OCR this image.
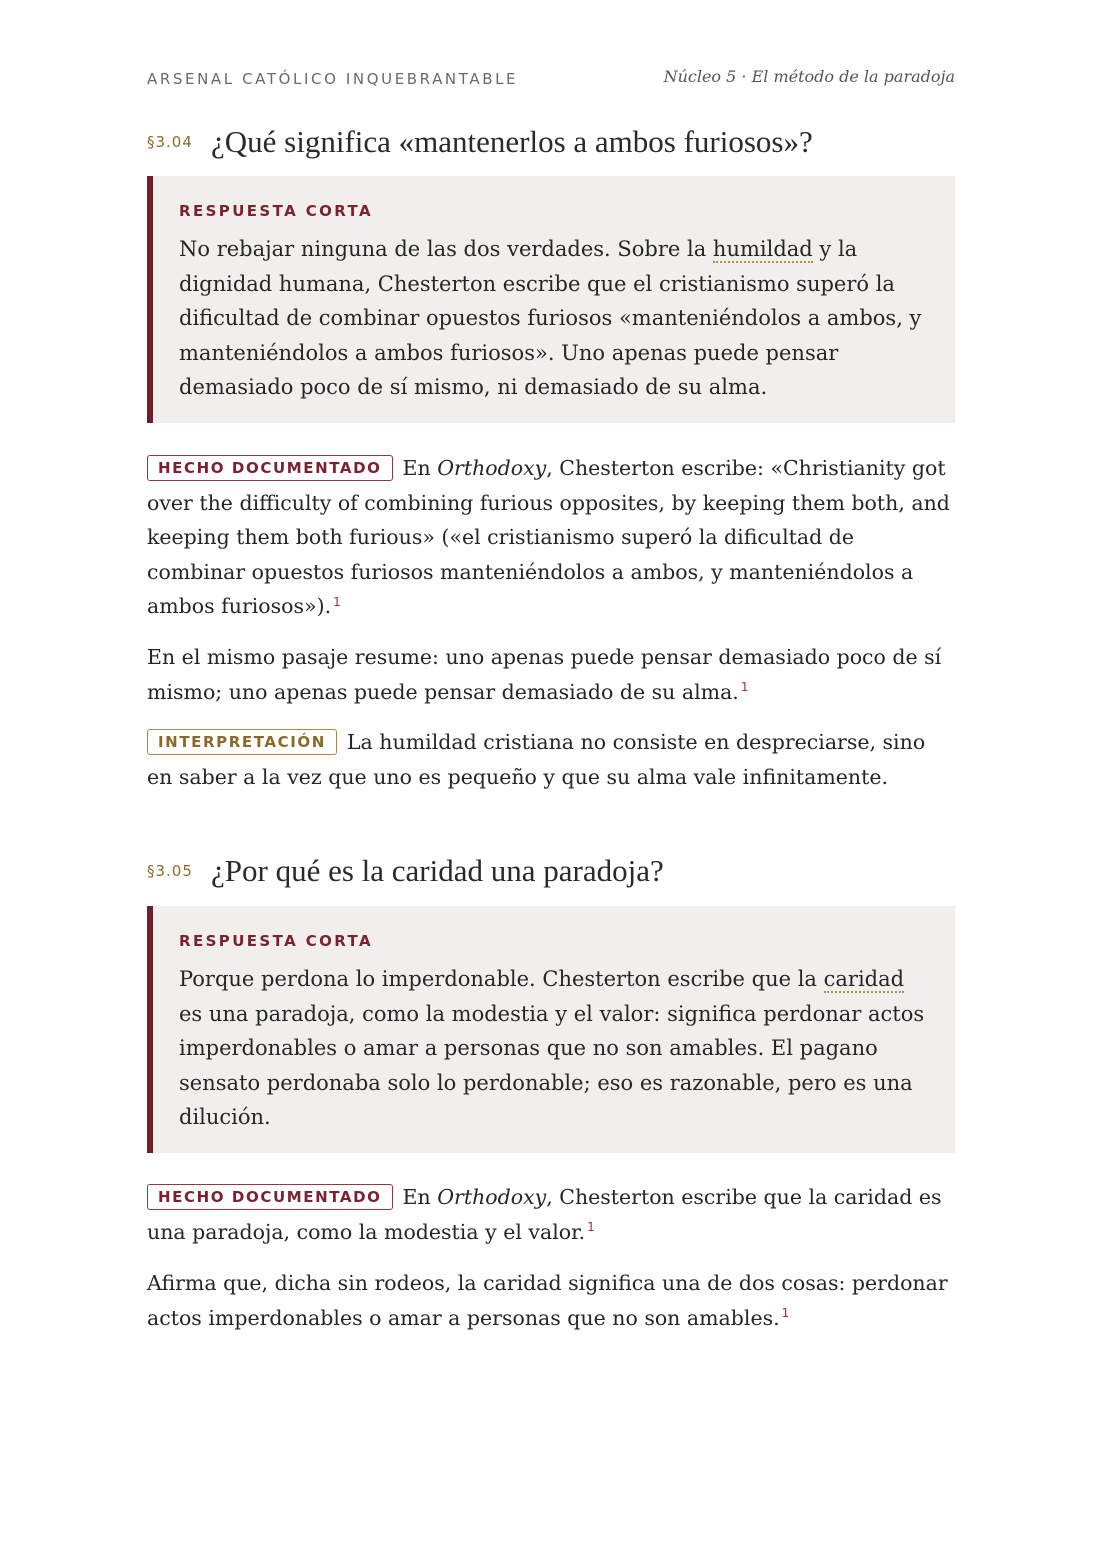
ARSENAL CATÓLICO INQUEBRANTABLE	Núcleo 5 · El método de la paradoja
§3.04 ¿Qué significa «mantenerlos a ambos furiosos»?
RESPUESTA CORTA
No rebajar ninguna de las dos verdades. Sobre la humildad y la dignidad humana, Chesterton escribe que el cristianismo superó la dificultad de combinar opuestos furiosos «manteniéndolos a ambos, y manteniéndolos a ambos furiosos». Uno apenas puede pensar demasiado poco de sí mismo, ni demasiado de su alma.
HECHO DOCUMENTADO En Orthodoxy, Chesterton escribe: «Christianity got over the difficulty of combining furious opposites, by keeping them both, and keeping them both furious» («el cristianismo superó la dificultad de combinar opuestos furiosos manteniéndolos a ambos, y manteniéndolos a ambos furiosos»). $^1$
En el mismo pasaje resume: uno apenas puede pensar demasiado poco de sí mismo; uno apenas puede pensar demasiado de su alma. $^1$
INTERPRETACIÓN La humildad cristiana no consiste en despreciarse, sino en saber a la vez que uno es pequeño y que su alma vale infinitamente.
§3.05 ¿Por qué es la caridad una paradoja?
RESPUESTA CORTA
Porque perdona lo imperdonable. Chesterton escribe que la caridad es una paradoja, como la modestia y el valor: significa perdonar actos imperdonables o amar a personas que no son amables. El pagano sensato perdonaba solo lo perdonable; eso es razonable, pero es una dilución.
HECHO DOCUMENTADO En Orthodoxy, Chesterton escribe que la caridad es una paradoja, como la modestia y el valor. $^1$
Afirma que, dicha sin rodeos, la caridad significa una de dos cosas: perdonar actos imperdonables o amar a personas que no son amables. $^1$
